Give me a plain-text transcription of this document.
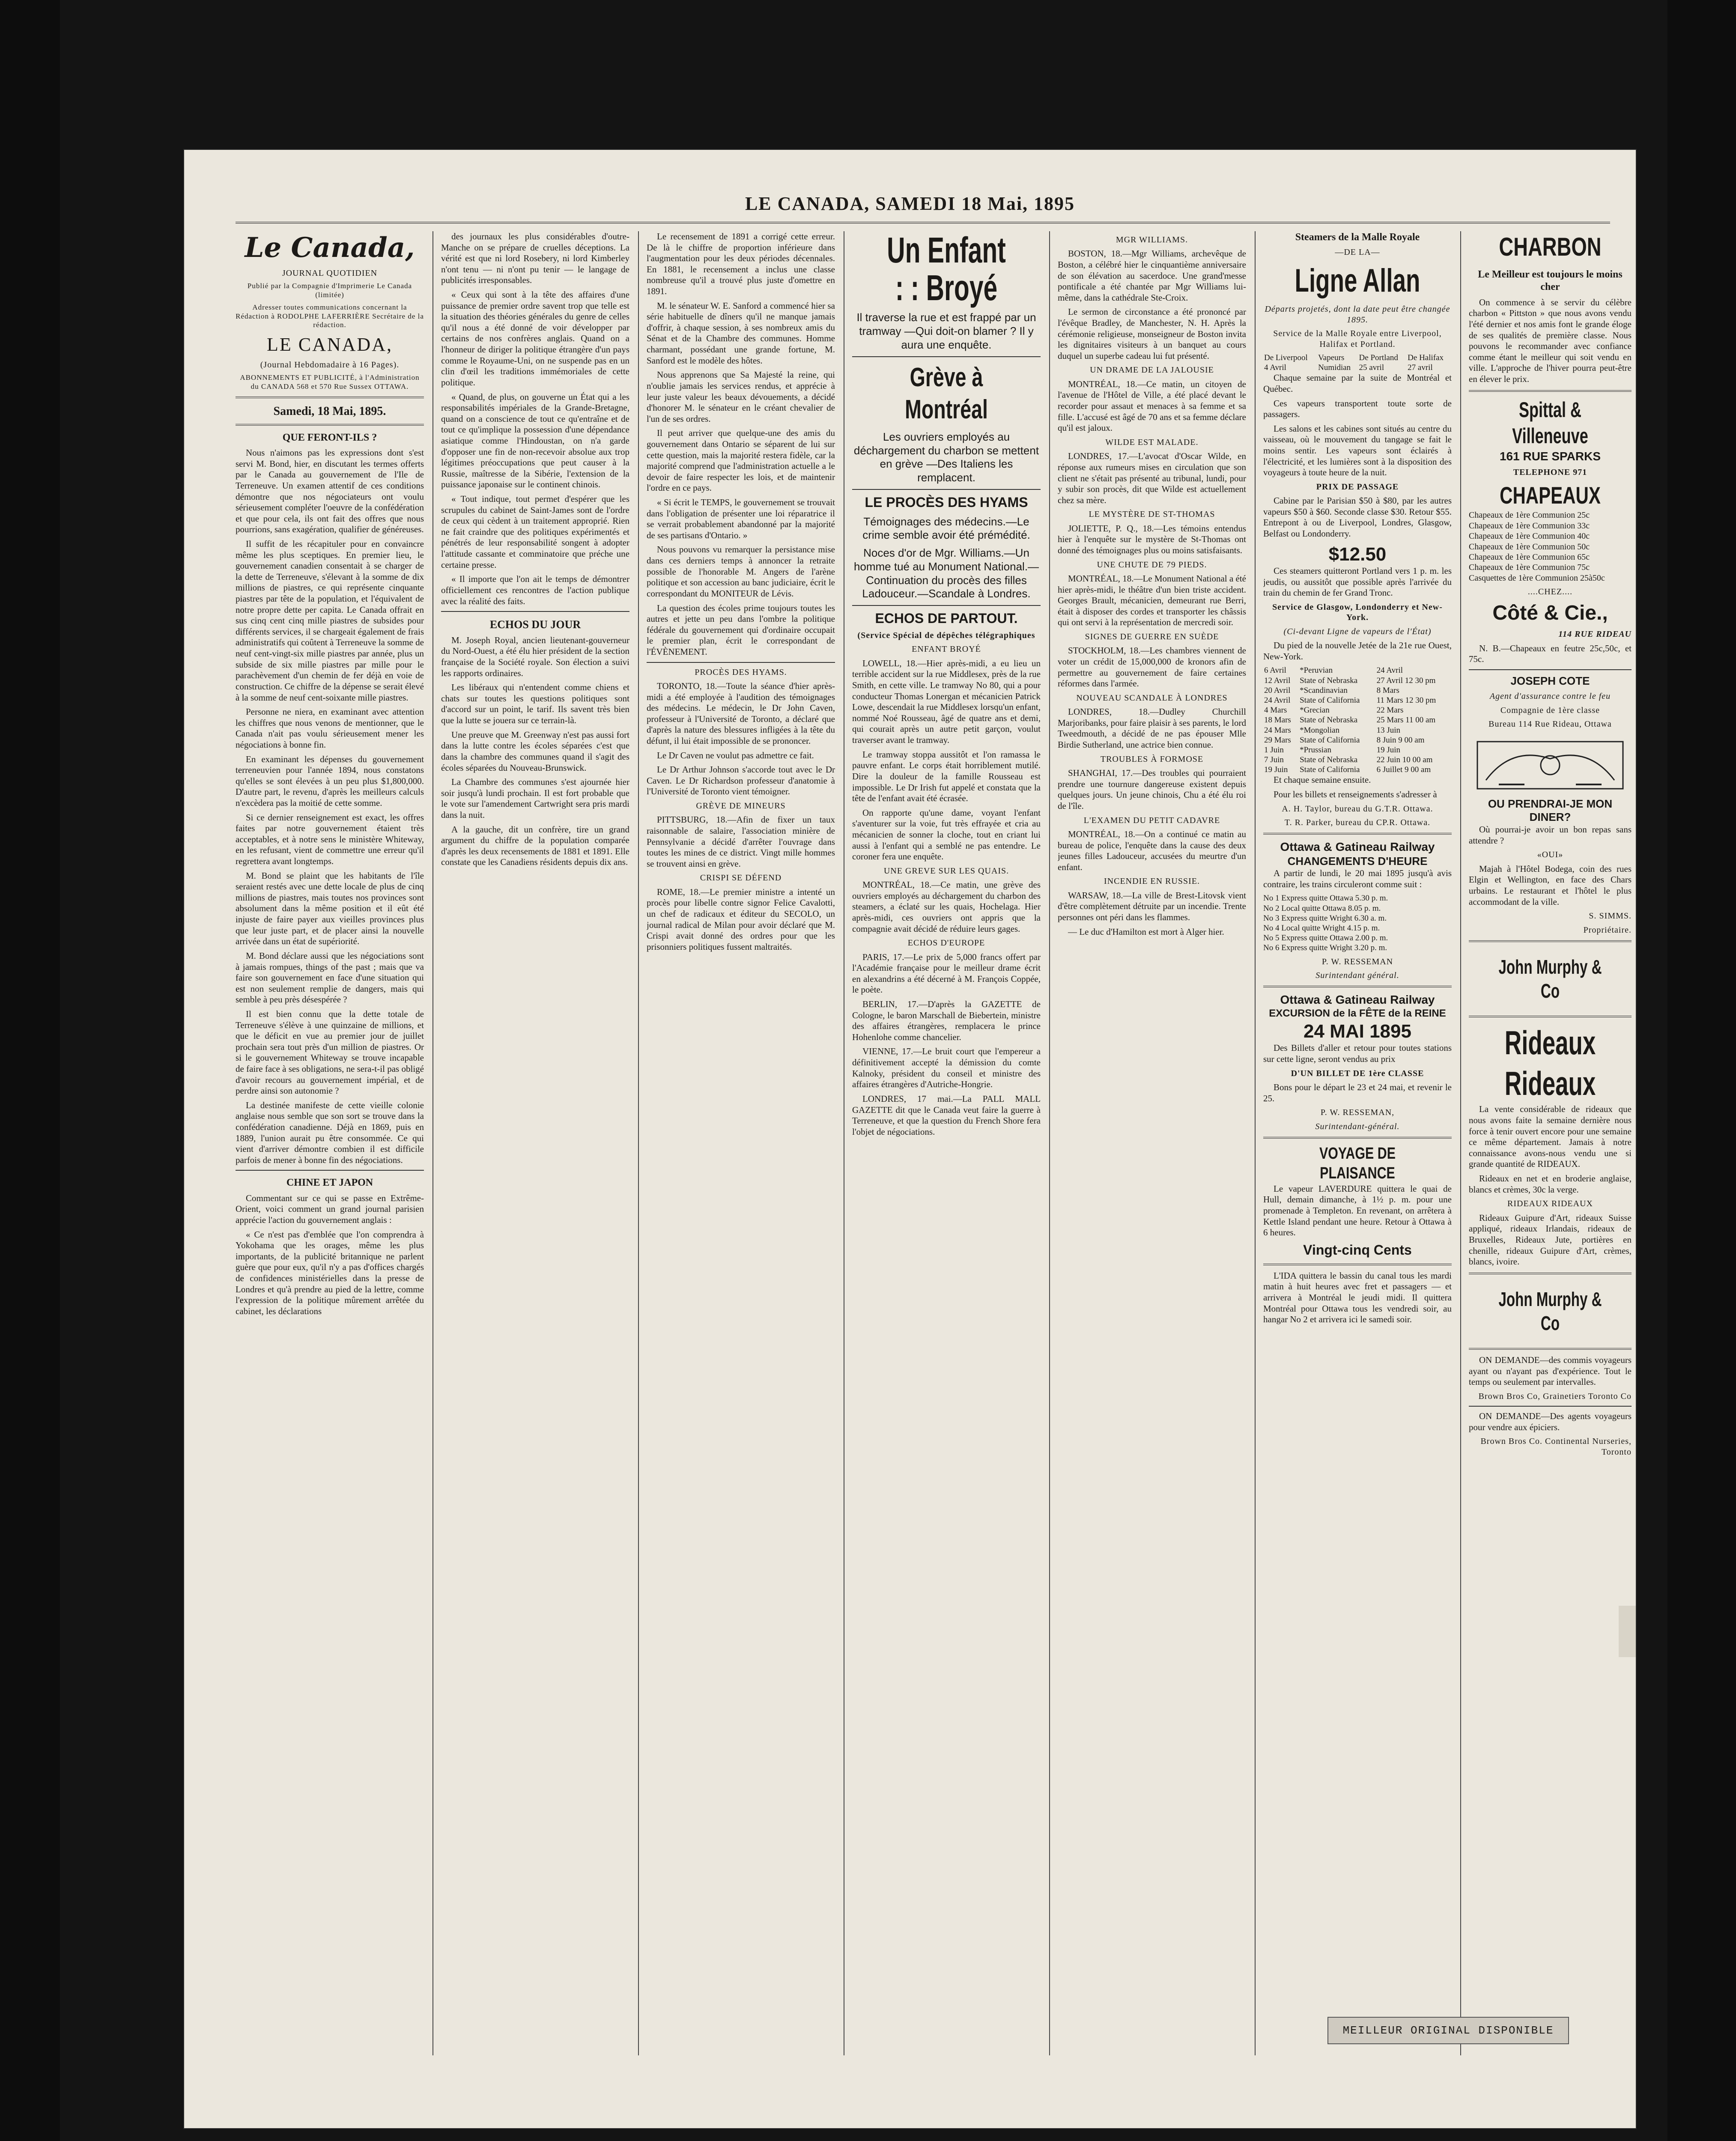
LE CANADA, SAMEDI 18 Mai, 1895
Le Canada,
JOURNAL QUOTIDIEN
Publié par la Compagnie d'Imprimerie Le Canada (limitée)
Adresser toutes communications concernant la Rédaction à RODOLPHE LAFERRIÈRE Secrétaire de la rédaction.
LE CANADA,
(Journal Hebdomadaire à 16 Pages).
ABONNEMENTS ET PUBLICITÉ, à l'Administration du CANADA 568 et 570 Rue Sussex OTTAWA.
Samedi, 18 Mai, 1895.
QUE FERONT-ILS ?

Nous n'aimons pas les expressions dont s'est servi M. Bond, hier, en discutant les termes offerts par le Canada au gouvernement de l'Ile de Terreneuve. Un examen attentif de ces conditions démontre que nos négociateurs ont voulu sérieusement compléter l'oeuvre de la confédération et que pour cela, ils ont fait des offres que nous pourrions, sans exagération, qualifier de généreuses.

Il suffit de les récapituler pour en convaincre même les plus sceptiques. En premier lieu, le gouvernement canadien consentait à se charger de la dette de Terreneuve, s'élevant à la somme de dix millions de piastres, ce qui représente cinquante piastres par tête de la population, et l'équivalent de notre propre dette per capita. Le Canada offrait en sus cinq cent cinq mille piastres de subsides pour différents services, il se chargeait également de frais administratifs qui coûtent à Terreneuve la somme de neuf cent-vingt-six mille piastres par année, plus un subside de six mille piastres par mille pour le parachèvement d'un chemin de fer déjà en voie de construction. Ce chiffre de la dépense se serait élevé à la somme de neuf cent-soixante mille piastres.

Personne ne niera, en examinant avec attention les chiffres que nous venons de mentionner, que le Canada n'ait pas voulu sérieusement mener les négociations à bonne fin.

En examinant les dépenses du gouvernement terreneuvien pour l'année 1894, nous constatons qu'elles se sont élevées à un peu plus $1,800,000. D'autre part, le revenu, d'après les meilleurs calculs n'excèdera pas la moitié de cette somme.

Si ce dernier renseignement est exact, les offres faites par notre gouvernement étaient très acceptables, et à notre sens le ministère Whiteway, en les refusant, vient de commettre une erreur qu'il regrettera avant longtemps.

M. Bond se plaint que les habitants de l'île seraient restés avec une dette locale de plus de cinq millions de piastres, mais toutes nos provinces sont absolument dans la même position et il eût été injuste de faire payer aux vieilles provinces plus que leur juste part, et de placer ainsi la nouvelle arrivée dans un état de supériorité.

M. Bond déclare aussi que les négociations sont à jamais rompues, things of the past ; mais que va faire son gouvernement en face d'une situation qui est non seulement remplie de dangers, mais qui semble à peu près désespérée ?

Il est bien connu que la dette totale de Terreneuve s'élève à une quinzaine de millions, et que le déficit en vue au premier jour de juillet prochain sera tout près d'un million de piastres. Or si le gouvernement Whiteway se trouve incapable de faire face à ses obligations, ne sera-t-il pas obligé d'avoir recours au gouvernement impérial, et de perdre ainsi son autonomie ?

La destinée manifeste de cette vieille colonie anglaise nous semble que son sort se trouve dans la confédération canadienne. Déjà en 1869, puis en 1889, l'union aurait pu être consommée. Ce qui vient d'arriver démontre combien il est difficile parfois de mener à bonne fin des négociations.

CHINE ET JAPON

Commentant sur ce qui se passe en Extrême-Orient, voici comment un grand journal parisien apprécie l'action du gouvernement anglais :

« Ce n'est pas d'emblée que l'on comprendra à Yokohama que les orages, même les plus importants, de la publicité britannique ne parlent guère que pour eux, qu'il n'y a pas d'offices chargés de confidences ministérielles dans la presse de Londres et qu'à prendre au pied de la lettre, comme l'expression de la politique mûrement arrêtée du cabinet, les déclarations

des journaux les plus considérables d'outre-Manche on se prépare de cruelles déceptions. La vérité est que ni lord Rosebery, ni lord Kimberley n'ont tenu — ni n'ont pu tenir — le langage de publicités irresponsables.

« Ceux qui sont à la tête des affaires d'une puissance de premier ordre savent trop que telle est la situation des théories générales du genre de celles qu'il nous a été donné de voir développer par certains de nos confrères anglais. Quand on a l'honneur de diriger la politique étrangère d'un pays comme le Royaume-Uni, on ne suspende pas en un clin d'œil les traditions immémoriales de cette politique.

« Quand, de plus, on gouverne un État qui a les responsabilités impériales de la Grande-Bretagne, quand on a conscience de tout ce qu'entraîne et de tout ce qu'implique la possession d'une dépendance asiatique comme l'Hindoustan, on n'a garde d'opposer une fin de non-recevoir absolue aux trop légitimes préoccupations que peut causer à la Russie, maîtresse de la Sibérie, l'extension de la puissance japonaise sur le continent chinois.

« Tout indique, tout permet d'espérer que les scrupules du cabinet de Saint-James sont de l'ordre de ceux qui cèdent à un traitement approprié. Rien ne fait craindre que des politiques expérimentés et pénétrés de leur responsabilité songent à adopter l'attitude cassante et comminatoire que préche une certaine presse.

« Il importe que l'on ait le temps de démontrer officiellement ces rencontres de l'action publique avec la réalité des faits.

ECHOS DU JOUR

M. Joseph Royal, ancien lieutenant-gouverneur du Nord-Ouest, a été élu hier président de la section française de la Société royale. Son élection a suivi les rapports ordinaires.

Les libéraux qui n'entendent comme chiens et chats sur toutes les questions politiques sont d'accord sur un point, le tarif. Ils savent très bien que la lutte se jouera sur ce terrain-là.

Une preuve que M. Greenway n'est pas aussi fort dans la lutte contre les écoles séparées c'est que dans la chambre des communes quand il s'agit des écoles séparées du Nouveau-Brunswick.

La Chambre des communes s'est ajournée hier soir jusqu'à lundi prochain. Il est fort probable que le vote sur l'amendement Cartwright sera pris mardi dans la nuit.

A la gauche, dit un confrère, tire un grand argument du chiffre de la population comparée d'après les deux recensements de 1881 et 1891. Elle constate que les Canadiens résidents depuis dix ans.

Le recensement de 1891 a corrigé cette erreur. De là le chiffre de proportion inférieure dans l'augmentation pour les deux périodes décennales. En 1881, le recensement a inclus une classe nombreuse qu'il a trouvé plus juste d'omettre en 1891.

M. le sénateur W. E. Sanford a commencé hier sa série habituelle de dîners qu'il ne manque jamais d'offrir, à chaque session, à ses nombreux amis du Sénat et de la Chambre des communes. Homme charmant, possédant une grande fortune, M. Sanford est le modèle des hôtes.

Nous apprenons que Sa Majesté la reine, qui n'oublie jamais les services rendus, et apprécie à leur juste valeur les beaux dévouements, a décidé d'honorer M. le sénateur en le créant chevalier de l'un de ses ordres.

Il peut arriver que quelque-une des amis du gouvernement dans Ontario se séparent de lui sur cette question, mais la majorité restera fidèle, car la majorité comprend que l'administration actuelle a le devoir de faire respecter les lois, et de maintenir l'ordre en ce pays.

« Si écrit le TEMPS, le gouvernement se trouvait dans l'obligation de présenter une loi réparatrice il se verrait probablement abandonné par la majorité de ses partisans d'Ontario. »

Nous pouvons vu remarquer la persistance mise dans ces derniers temps à annoncer la retraite possible de l'honorable M. Angers de l'arène politique et son accession au banc judiciaire, écrit le correspondant du MONITEUR de Lévis.

La question des écoles prime toujours toutes les autres et jette un peu dans l'ombre la politique fédérale du gouvernement qui d'ordinaire occupait le premier plan, écrit le correspondant de l'ÉVÈNEMENT.

PROCÈS DES HYAMS.

TORONTO, 18.—Toute la séance d'hier après-midi a été employée à l'audition des témoignages des médecins. Le médecin, le Dr John Caven, professeur à l'Université de Toronto, a déclaré que d'après la nature des blessures infligées à la tête du défunt, il lui était impossible de se prononcer.

Le Dr Caven ne voulut pas admettre ce fait.

Le Dr Arthur Johnson s'accorde tout avec le Dr Caven. Le Dr Richardson professeur d'anatomie à l'Université de Toronto vient témoigner.

GRÈVE DE MINEURS

PITTSBURG, 18.—Afin de fixer un taux raisonnable de salaire, l'association minière de Pennsylvanie a décidé d'arrêter l'ouvrage dans toutes les mines de ce district. Vingt mille hommes se trouvent ainsi en grève.

CRISPI SE DÉFEND

ROME, 18.—Le premier ministre a intenté un procès pour libelle contre signor Felice Cavalotti, un chef de radicaux et éditeur du SECOLO, un journal radical de Milan pour avoir déclaré que M. Crispi avait donné des ordres pour que les prisonniers politiques fussent maltraités.

Un Enfant
: : Broyé
Il traverse la rue et est frappé par un tramway —Qui doit-on blamer ? Il y aura une enquête.
Grève à Montréal
Les ouvriers employés au déchargement du charbon se mettent en grève —Des Italiens les remplacent.
LE PROCÈS DES HYAMS
Témoignages des médecins.—Le crime semble avoir été prémédité.
Noces d'or de Mgr. Williams.—Un homme tué au Monument National.—Continuation du procès des filles Ladouceur.—Scandale à Londres.
ECHOS DE PARTOUT.
(Service Spécial de dépêches télégraphiques
ENFANT BROYÉ

LOWELL, 18.—Hier après-midi, a eu lieu un terrible accident sur la rue Middlesex, près de la rue Smith, en cette ville. Le tramway No 80, qui a pour conducteur Thomas Lonergan et mécanicien Patrick Lowe, descendait la rue Middlesex lorsqu'un enfant, nommé Noé Rousseau, âgé de quatre ans et demi, qui courait après un autre petit garçon, voulut traverser avant le tramway.

Le tramway stoppa aussitôt et l'on ramassa le pauvre enfant. Le corps était horriblement mutilé. Dire la douleur de la famille Rousseau est impossible. Le Dr Irish fut appelé et constata que la tête de l'enfant avait été écrasée.

On rapporte qu'une dame, voyant l'enfant s'aventurer sur la voie, fut très effrayée et cria au mécanicien de sonner la cloche, tout en criant lui aussi à l'enfant qui a semblé ne pas entendre. Le coroner fera une enquête.

UNE GREVE SUR LES QUAIS.

MONTRÉAL, 18.—Ce matin, une grève des ouvriers employés au déchargement du charbon des steamers, a éclaté sur les quais, Hochelaga. Hier après-midi, ces ouvriers ont appris que la compagnie avait décidé de réduire leurs gages.

ECHOS D'EUROPE

PARIS, 17.—Le prix de 5,000 francs offert par l'Académie française pour le meilleur drame écrit en alexandrins a été décerné à M. François Coppée, le poète.

BERLIN, 17.—D'après la GAZETTE de Cologne, le baron Marschall de Biebertein, ministre des affaires étrangères, remplacera le prince Hohenlohe comme chancelier.

VIENNE, 17.—Le bruit court que l'empereur a définitivement accepté la démission du comte Kalnoky, président du conseil et ministre des affaires étrangères d'Autriche-Hongrie.

LONDRES, 17 mai.—La PALL MALL GAZETTE dit que le Canada veut faire la guerre à Terreneuve, et que la question du French Shore fera l'objet de négociations.

MGR WILLIAMS.

BOSTON, 18.—Mgr Williams, archevêque de Boston, a célébré hier le cinquantième anniversaire de son élévation au sacerdoce. Une grand'messe pontificale a été chantée par Mgr Williams lui-même, dans la cathédrale Ste-Croix.

Le sermon de circonstance a été prononcé par l'évêque Bradley, de Manchester, N. H. Après la cérémonie religieuse, monseigneur de Boston invita les dignitaires visiteurs à un banquet au cours duquel un superbe cadeau lui fut présenté.

UN DRAME DE LA JALOUSIE

MONTRÉAL, 18.—Ce matin, un citoyen de l'avenue de l'Hôtel de Ville, a été placé devant le recorder pour assaut et menaces à sa femme et sa fille. L'accusé est âgé de 70 ans et sa femme déclare qu'il est jaloux.

WILDE EST MALADE.

LONDRES, 17.—L'avocat d'Oscar Wilde, en réponse aux rumeurs mises en circulation que son client ne s'était pas présenté au tribunal, lundi, pour y subir son procès, dit que Wilde est actuellement chez sa mère.

LE MYSTÈRE DE ST-THOMAS

JOLIETTE, P. Q., 18.—Les témoins entendus hier à l'enquête sur le mystère de St-Thomas ont donné des témoignages plus ou moins satisfaisants.

UNE CHUTE DE 79 PIEDS.

MONTRÉAL, 18.—Le Monument National a été hier après-midi, le théâtre d'un bien triste accident. Georges Brault, mécanicien, demeurant rue Berri, était à disposer des cordes et transporter les châssis qui ont servi à la représentation de mercredi soir.

SIGNES DE GUERRE EN SUÈDE

STOCKHOLM, 18.—Les chambres viennent de voter un crédit de 15,000,000 de kronors afin de permettre au gouvernement de faire certaines réformes dans l'armée.

NOUVEAU SCANDALE À LONDRES

LONDRES, 18.—Dudley Churchill Marjoribanks, pour faire plaisir à ses parents, le lord Tweedmouth, a décidé de ne pas épouser Mlle Birdie Sutherland, une actrice bien connue.

TROUBLES À FORMOSE

SHANGHAI, 17.—Des troubles qui pourraient prendre une tournure dangereuse existent depuis quelques jours. Un jeune chinois, Chu a été élu roi de l'île.

L'EXAMEN DU PETIT CADAVRE

MONTRÉAL, 18.—On a continué ce matin au bureau de police, l'enquête dans la cause des deux jeunes filles Ladouceur, accusées du meurtre d'un enfant.

INCENDIE EN RUSSIE.

WARSAW, 18.—La ville de Brest-Litovsk vient d'être complètement détruite par un incendie. Trente personnes ont péri dans les flammes.

— Le duc d'Hamilton est mort à Alger hier.

Steamers de la Malle Royale
—DE LA—
Ligne Allan
Départs projetés, dont la date peut être changée 1895.
Service de la Malle Royale entre Liverpool, Halifax et Portland.
De Liverpool	Vapeurs	De Portland	De Halifax
4 Avril	Numidian	25 avril	27 avril

Chaque semaine par la suite de Montréal et Québec.

Ces vapeurs transportent toute sorte de passagers.

Les salons et les cabines sont situés au centre du vaisseau, où le mouvement du tangage se fait le moins sentir. Les vapeurs sont éclairés à l'électricité, et les lumières sont à la disposition des voyageurs à toute heure de la nuit.

PRIX DE PASSAGE

Cabine par le Parisian $50 à $80, par les autres vapeurs $50 à $60. Seconde classe $30. Retour $55. Entrepont à ou de Liverpool, Londres, Glasgow, Belfast ou Londonderry.

$12.50

Ces steamers quitteront Portland vers 1 p. m. les jeudis, ou aussitôt que possible après l'arrivée du train du chemin de fer Grand Tronc.

Service de Glasgow, Londonderry et New-York.
(Ci-devant Ligne de vapeurs de l'État)

Du pied de la nouvelle Jetée de la 21e rue Ouest, New-York.

6 Avril	*Peruvian	24 Avril
12 Avril	State of Nebraska	27 Avril 12 30 pm
20 Avril	*Scandinavian	8 Mars
24 Avril	State of California	11 Mars 12 30 pm
4 Mars	*Grecian	22 Mars
18 Mars	State of Nebraska	25 Mars 11 00 am
24 Mars	*Mongolian	13 Juin
29 Mars	State of California	8 Juin 9 00 am
1 Juin	*Prussian	19 Juin
7 Juin	State of Nebraska	22 Juin 10 00 am
19 Juin	State of California	6 Juillet 9 00 am

Et chaque semaine ensuite.

Pour les billets et renseignements s'adresser à

A. H. Taylor, bureau du G.T.R. Ottawa.
T. R. Parker, bureau du CP.R. Ottawa.
Ottawa & Gatineau Railway
CHANGEMENTS D'HEURE

A partir de lundi, le 20 mai 1895 jusqu'à avis contraire, les trains circuleront comme suit :

No 1 Express quitte Ottawa 5.30 p. m.
No 2 Local quitte Ottawa 8.05 p. m.
No 3 Express quitte Wright 6.30 a. m.
No 4 Local quitte Wright 4.15 p. m.
No 5 Express quitte Ottawa 2.00 p. m.
No 6 Express quitte Wright 3.20 p. m.
P. W. RESSEMAN
Surintendant général.
Ottawa & Gatineau Railway
EXCURSION de la FÊTE de la REINE
24 MAI 1895

Des Billets d'aller et retour pour toutes stations sur cette ligne, seront vendus au prix

D'UN BILLET DE 1ère CLASSE

Bons pour le départ le 23 et 24 mai, et revenir le 25.

P. W. RESSEMAN,
Surintendant-général.
VOYAGE DE PLAISANCE

Le vapeur LAVERDURE quittera le quai de Hull, demain dimanche, à 1½ p. m. pour une promenade à Templeton. En revenant, on arrêtera à Kettle Island pendant une heure. Retour à Ottawa à 6 heures.

Vingt-cinq Cents

L'IDA quittera le bassin du canal tous les mardi matin à huit heures avec fret et passagers — et arrivera à Montréal le jeudi midi. Il quittera Montréal pour Ottawa tous les vendredi soir, au hangar No 2 et arrivera ici le samedi soir.

CHARBON
Le Meilleur est toujours le moins cher

On commence à se servir du célèbre charbon « Pittston » que nous avons vendu l'été dernier et nos amis font le grande éloge de ses qualités de première classe. Nous pouvons le recommander avec confiance comme étant le meilleur qui soit vendu en ville. L'approche de l'hiver pourra peut-être en élever le prix.

Spittal & Villeneuve
161 RUE SPARKS
TELEPHONE 971
CHAPEAUX
Chapeaux de 1ère Communion 25c
Chapeaux de 1ère Communion 33c
Chapeaux de 1ère Communion 40c
Chapeaux de 1ère Communion 50c
Chapeaux de 1ère Communion 65c
Chapeaux de 1ère Communion 75c
Casquettes de 1ère Communion 25à50c
....CHEZ....
Côté & Cie.,
114 RUE RIDEAU

N. B.—Chapeaux en feutre 25c,50c, et 75c.

JOSEPH COTE
Agent d'assurance contre le feu
Compagnie de 1ère classe
Bureau 114 Rue Rideau, Ottawa
OU PRENDRAI-JE MON DINER?

Où pourrai-je avoir un bon repas sans attendre ?

«OUI»

Majah à l'Hôtel Bodega, coin des rues Elgin et Wellington, en face des Chars urbains. Le restaurant et l'hôtel le plus accommodant de la ville.

S. SIMMS.
Propriétaire.
John Murphy & Co
Rideaux
Rideaux

La vente considérable de rideaux que nous avons faite la semaine dernière nous force à tenir ouvert encore pour une semaine ce même département. Jamais à notre connaissance avons-nous vendu une si grande quantité de RIDEAUX.

Rideaux en net et en broderie anglaise, blancs et crèmes, 30c la verge.

RIDEAUX RIDEAUX

Rideaux Guipure d'Art, rideaux Suisse appliqué, rideaux Irlandais, rideaux de Bruxelles, Rideaux Jute, portières en chenille, rideaux Guipure d'Art, crèmes, blancs, ivoire.

John Murphy & Co

ON DEMANDE—des commis voyageurs ayant ou n'ayant pas d'expérience. Tout le temps ou seulement par intervalles.

Brown Bros Co, Grainetiers Toronto Co

ON DEMANDE—Des agents voyageurs pour vendre aux épiciers.

Brown Bros Co. Continental Nurseries, Toronto
MEILLEUR ORIGINAL DISPONIBLE
